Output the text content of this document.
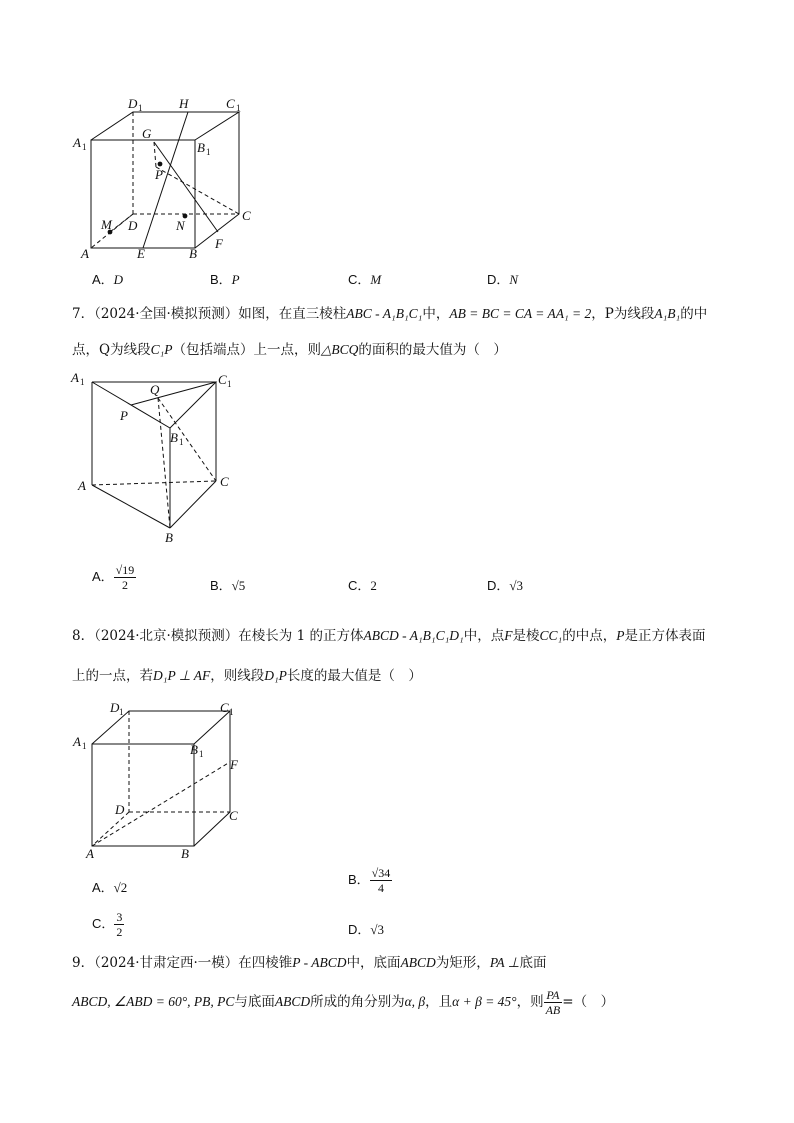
D 1	H	C 1
A 1
G
B 1
P
M D	N
C
A	E	B
F
A．D	B．P	C．M	D．N
7．（2024·全国·模拟预测）如图，在直三棱柱ABC - A₁B₁C₁中，AB = BC = CA = AA₁ = 2，P为线段A₁B₁的中
点，Q为线段C₁P（包括端点）上一点，则△BCQ的面积的最大值为（　）
A 1	Q
C 1
P
B 1
A	C
B
A． $\frac{√19}{2}$	B．√5	C．2	D．√3
8．（2024·北京·模拟预测）在棱长为 1 的正方体ABCD - A₁B₁C₁D₁中，点F是棱CC₁的中点，P是正方体表面
上的一点，若D₁P ⊥ AF，则线段D₁P长度的最大值是（　）
D 1	C 1
A 1	B 1
F
D	C
A	B
A．√2
B． $\frac{√34}{4}$
C． $\frac{3}{2}$	D．√3
9．（2024·甘肃定西·一模）在四棱锥P - ABCD中，底面ABCD为矩形，PA ⊥底面
ABCD, ∠ABD = 60°, PB, PC与底面ABCD所成的角分别为α, β，且α + β = 45°，则 $\frac{PA}{AB}$ =（　）
